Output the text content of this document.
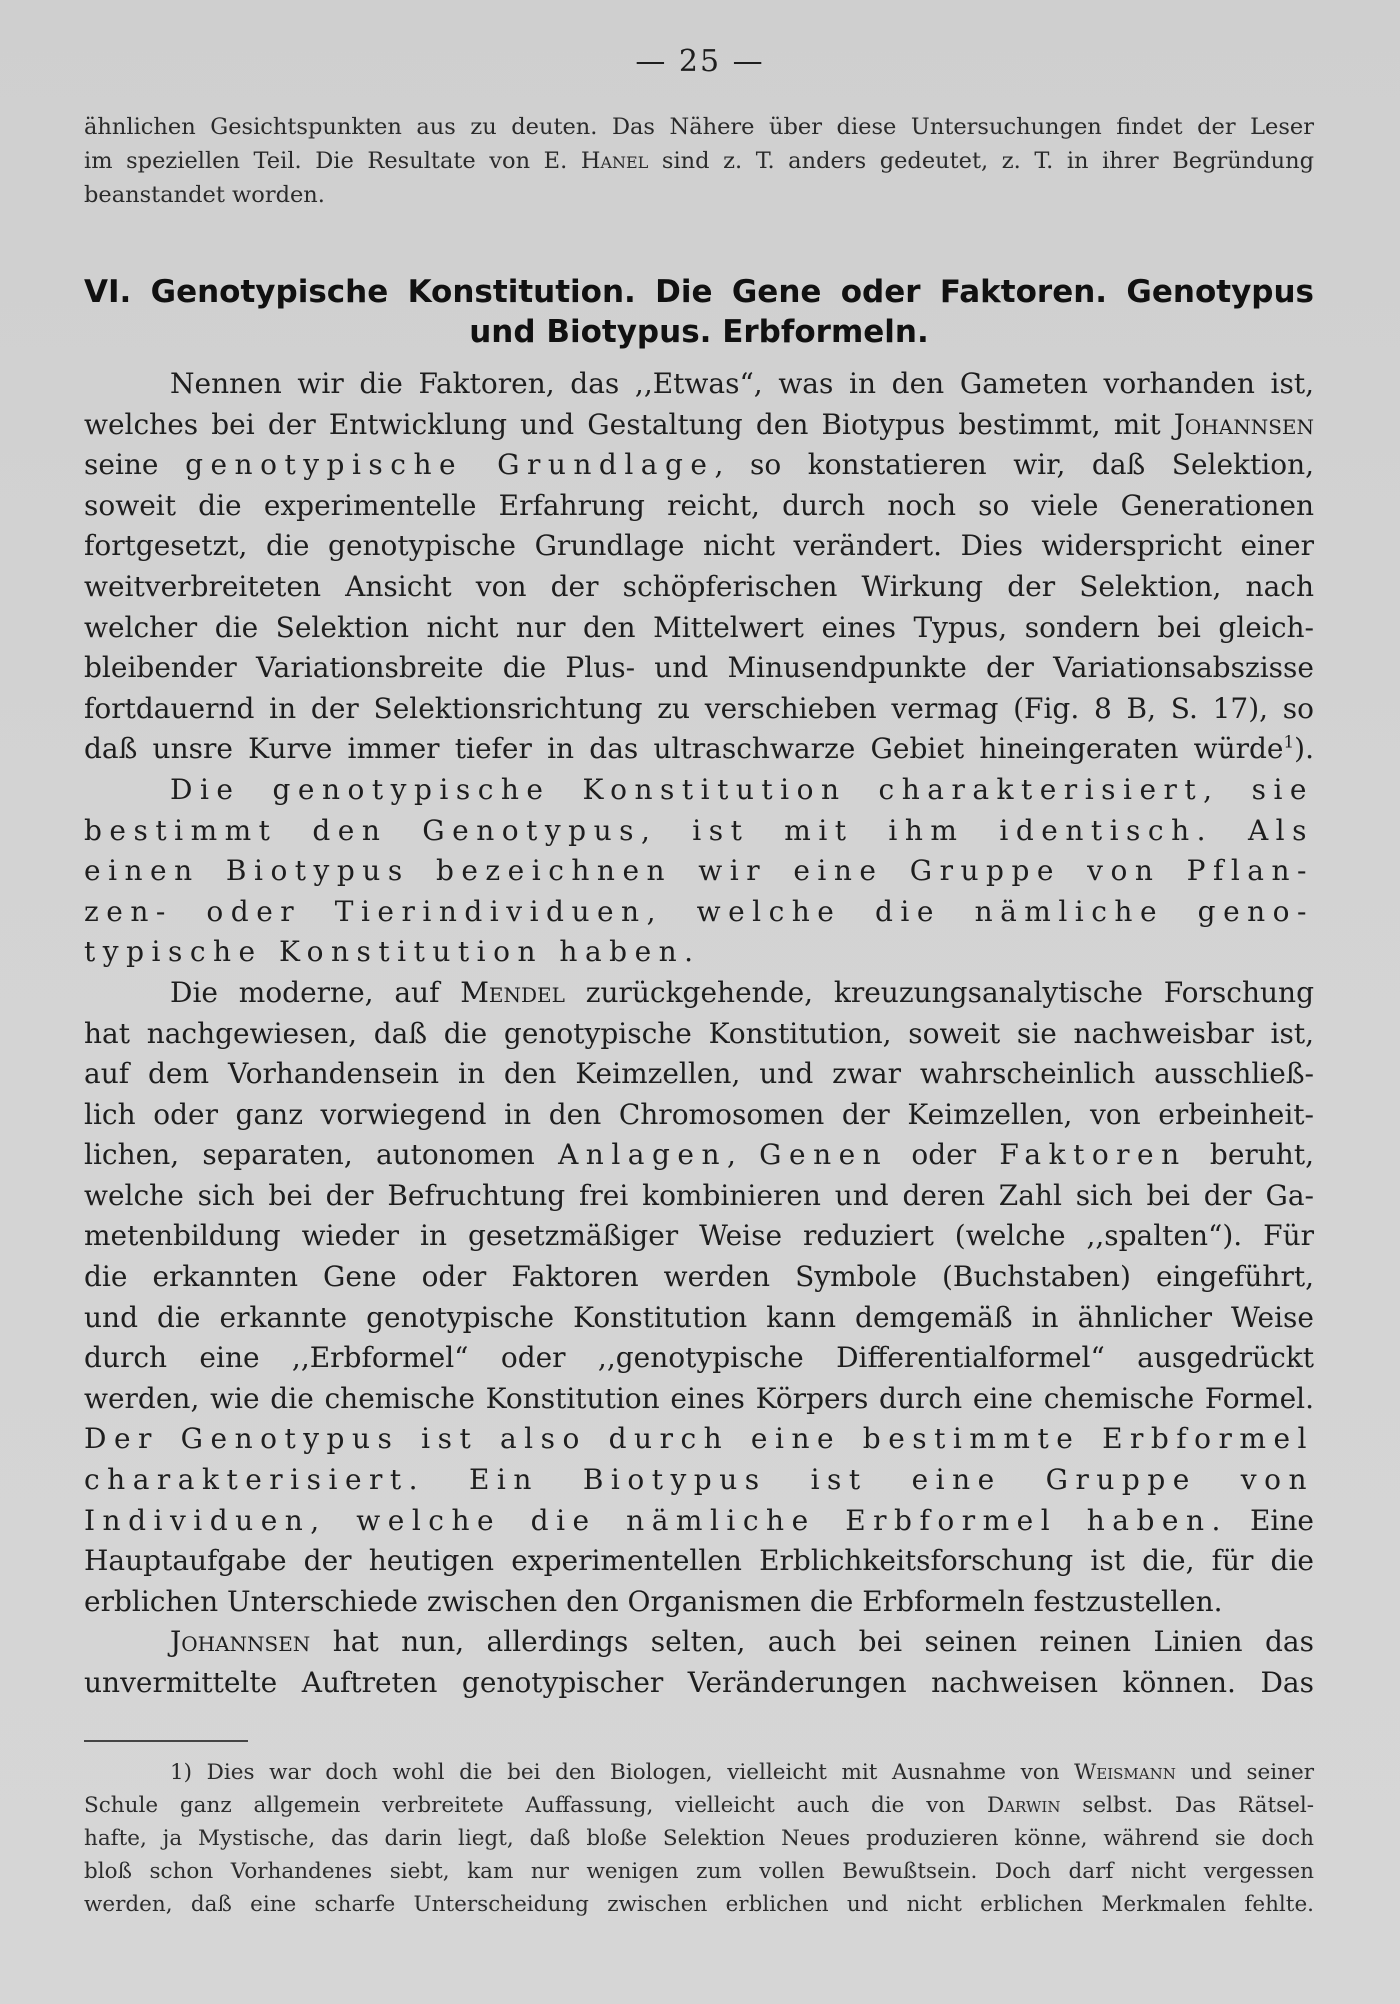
— 25 —
ähnlichen Gesichtspunkten aus zu deuten. Das Nähere über diese Untersuchungen findet der Leser
im speziellen Teil. Die Resultate von E. Hanel sind z. T. anders gedeutet, z. T. in ihrer Begründung
beanstandet worden.
VI. Genotypische Konstitution. Die Gene oder Faktoren. Genotypus
und Biotypus. Erbformeln.
Nennen wir die Faktoren, das ,,Etwas“, was in den Gameten vorhanden ist,
welches bei der Entwicklung und Gestaltung den Biotypus bestimmt, mit Johannsen
seine genotypische Grundlage, so konstatieren wir, daß Selektion,
soweit die experimentelle Erfahrung reicht, durch noch so viele Generationen
fortgesetzt, die genotypische Grundlage nicht verändert. Dies widerspricht einer
weitverbreiteten Ansicht von der schöpferischen Wirkung der Selektion, nach
welcher die Selektion nicht nur den Mittelwert eines Typus, sondern bei gleich-
bleibender Variationsbreite die Plus- und Minusendpunkte der Variationsabszisse
fortdauernd in der Selektionsrichtung zu verschieben vermag (Fig. 8 B, S. 17), so
daß unsre Kurve immer tiefer in das ultraschwarze Gebiet hineingeraten würde$^1$).
Die genotypische Konstitution charakterisiert, sie
bestimmt den Genotypus, ist mit ihm identisch. Als
einen Biotypus bezeichnen wir eine Gruppe von Pflan-
zen- oder Tierindividuen, welche die nämliche geno-
typische Konstitution haben.
Die moderne, auf Mendel zurückgehende, kreuzungsanalytische Forschung
hat nachgewiesen, daß die genotypische Konstitution, soweit sie nachweisbar ist,
auf dem Vorhandensein in den Keimzellen, und zwar wahrscheinlich ausschließ-
lich oder ganz vorwiegend in den Chromosomen der Keimzellen, von erbeinheit-
lichen, separaten, autonomen Anlagen, Genen oder Faktoren beruht,
welche sich bei der Befruchtung frei kombinieren und deren Zahl sich bei der Ga-
metenbildung wieder in gesetzmäßiger Weise reduziert (welche ,,spalten“). Für
die erkannten Gene oder Faktoren werden Symbole (Buchstaben) eingeführt,
und die erkannte genotypische Konstitution kann demgemäß in ähnlicher Weise
durch eine ,,Erbformel“ oder ,,genotypische Differentialformel“ ausgedrückt
werden, wie die chemische Konstitution eines Körpers durch eine chemische Formel.
Der Genotypus ist also durch eine bestimmte Erbformel
charakterisiert. Ein Biotypus ist eine Gruppe von
Individuen, welche die nämliche Erbformel haben. Eine
Hauptaufgabe der heutigen experimentellen Erblichkeitsforschung ist die, für die
erblichen Unterschiede zwischen den Organismen die Erbformeln festzustellen.
Johannsen hat nun, allerdings selten, auch bei seinen reinen Linien das
unvermittelte Auftreten genotypischer Veränderungen nachweisen können. Das
1) Dies war doch wohl die bei den Biologen, vielleicht mit Ausnahme von Weismann und seiner
Schule ganz allgemein verbreitete Auffassung, vielleicht auch die von Darwin selbst. Das Rätsel-
hafte, ja Mystische, das darin liegt, daß bloße Selektion Neues produzieren könne, während sie doch
bloß schon Vorhandenes siebt, kam nur wenigen zum vollen Bewußtsein. Doch darf nicht vergessen
werden, daß eine scharfe Unterscheidung zwischen erblichen und nicht erblichen Merkmalen fehlte.
